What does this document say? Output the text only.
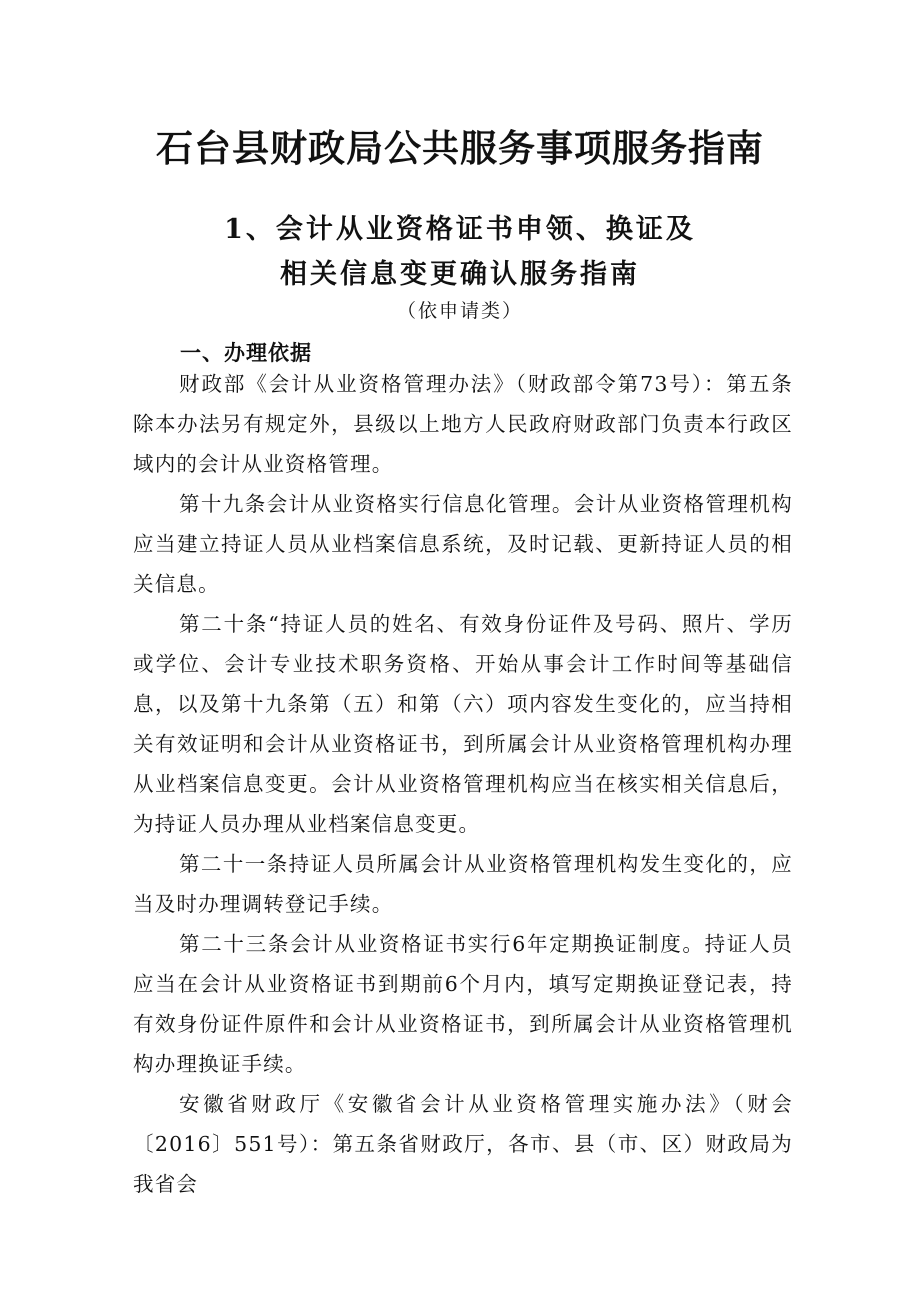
石台县财政局公共服务事项服务指南
1、会计从业资格证书申领、换证及
相关信息变更确认服务指南
（依申请类）
一、办理依据

财政部《会计从业资格管理办法》（财政部令第73号）：第五条除本办法另有规定外，县级以上地方人民政府财政部门负责本行政区域内的会计从业资格管理。

第十九条会计从业资格实行信息化管理。会计从业资格管理机构应当建立持证人员从业档案信息系统，及时记载、更新持证人员的相关信息。

第二十条“持证人员的姓名、有效身份证件及号码、照片、学历或学位、会计专业技术职务资格、开始从事会计工作时间等基础信息，以及第十九条第（五）和第（六）项内容发生变化的，应当持相关有效证明和会计从业资格证书，到所属会计从业资格管理机构办理从业档案信息变更。会计从业资格管理机构应当在核实相关信息后，为持证人员办理从业档案信息变更。

第二十一条持证人员所属会计从业资格管理机构发生变化的，应当及时办理调转登记手续。

第二十三条会计从业资格证书实行6年定期换证制度。持证人员应当在会计从业资格证书到期前6个月内，填写定期换证登记表，持有效身份证件原件和会计从业资格证书，到所属会计从业资格管理机构办理换证手续。

安徽省财政厅《安徽省会计从业资格管理实施办法》（财会〔2016〕551号）：第五条省财政厅，各市、县（市、区）财政局为我省会
